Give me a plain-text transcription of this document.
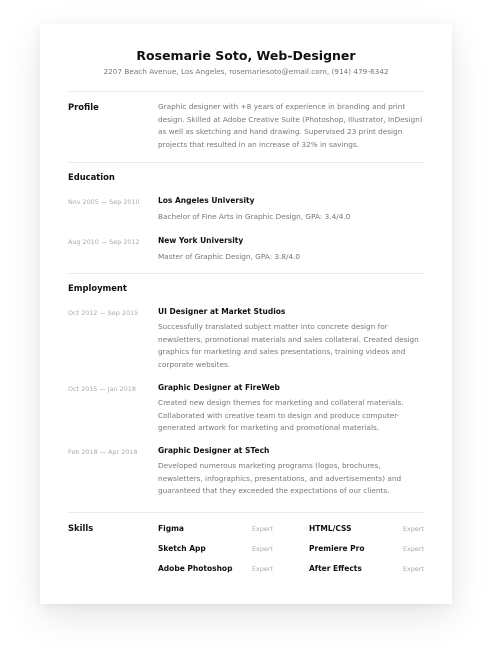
Rosemarie Soto, Web-Designer
2207 Beach Avenue, Los Angeles, rosemariesoto@email.com, (914) 479-6342
Profile	Graphic designer with +8 years of experience in branding and print design. Skilled at Adobe Creative Suite (Photoshop, Illustrator, InDesign) as well as sketching and hand drawing. Supervised 23 print design projects that resulted in an increase of 32% in savings.
Education
Nov 2005 — Sep 2010 Los Angeles University
Bachelor of Fine Arts in Graphic Design, GPA: 3.4/4.0
Aug 2010 — Sep 2012 New York University
Master of Graphic Design, GPA: 3.8/4.0
Employment
Oct 2012 — Sep 2015	UI Designer at Market Studios
Successfully translated subject matter into concrete design for newsletters, promotional materials and sales collateral. Created design graphics for marketing and sales presentations, training videos and corporate websites.
Oct 2015 — Jan 2018	Graphic Designer at FireWeb
Created new design themes for marketing and collateral materials. Collaborated with creative team to design and produce computer-generated artwork for marketing and promotional materials.
Feb 2018 — Apr 2018	Graphic Designer at STech
Developed numerous marketing programs (logos, brochures, newsletters, infographics, presentations, and advertisements) and guaranteed that they exceeded the expectations of our clients.
Skills	Figma	Expert	HTML/CSS	Expert
Sketch App	Expert	Premiere Pro	Expert
Adobe Photoshop	Expert	After Effects	Expert
